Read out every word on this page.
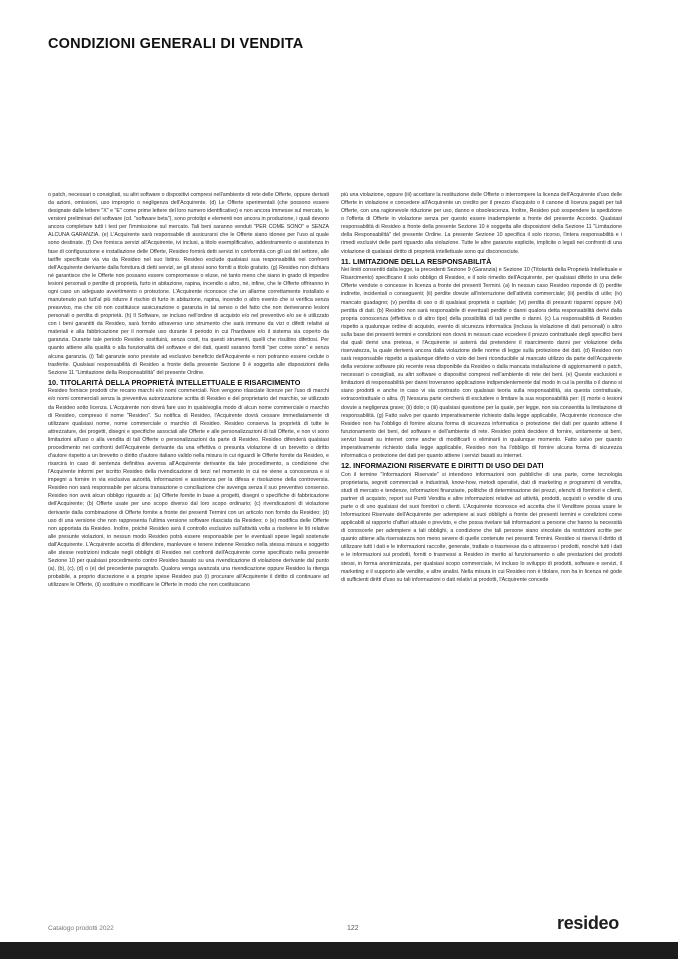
CONDIZIONI GENERALI DI VENDITA

o patch, necessari o consigliati, su altri software o dispositivi compresi nell'ambiente di rete delle Offerte, oppure derivati da azioni, omissioni, uso improprio o negligenza dell'Acquirente. (d) Le Offerte sperimentali (che possono essere designate dalle lettere "X" e "E" come prime lettere del loro numero identificativo) e non ancora immesse sul mercato, le versioni preliminari del software (cd. "software beta"), sono prototipi e elementi non ancora in produzione, i quali devono ancora completare tutti i test per l'immissione sul mercato. Tali beni saranno venduti "PER COME SONO" e SENZA ALCUNA GARANZIA. (e) L'Acquirente sarà responsabile di assicurarsi che le Offerte siano idonee per l'uso al quale sono destinate. (f) Ove fornisca servizi all'Acquirente, ivi inclusi, a titolo esemplificativo, addestramento o assistenza in fase di configurazione e installazione delle Offerte, Resideo fornirà detti servizi in conformità con gli usi del settore, alle tariffe specificate via via da Resideo nel suo listino. Resideo esclude qualsiasi sua responsabilità nei confronti dell'Acquirente derivante dalla fornitura di detti servizi, se gli stessi sono forniti a titolo gratuito. (g) Resideo non dichiara né garantisce che le Offerte non possano essere compromesse o eluse, né tanto meno che siano in grado di impedire lesioni personali o perdite di proprietà, furto in abitazione, rapina, incendio o altro, né, infine, che le Offerte offriranno in ogni caso un adeguato avvertimento o protezione. L'Acquirente riconosce che un allarme correttamente installato e manutenuto può tutt'al più ridurre il rischio di furto in abitazione, rapina, incendio o altro evento che si verifica senza preavviso, ma che ciò non costituisce assicurazione o garanzia in tal senso o del fatto che non deriveranno lesioni personali o perdita di proprietà. (h) Il Software, se incluso nell'ordine di acquisto e/o nel preventivo e/o se è utilizzato con i beni garantiti da Resideo, sarà fornito attraverso uno strumento che sarà immune da vizi o difetti relativi ai materiali e alla fabbricazione per il normale uso durante il periodo in cui l'hardware e/o il sistema sia coperto da garanzia. Durante tale periodo Resideo sostituirà, senza costi, tra questi strumenti, quelli che risultino difettosi. Per quanto attiene alla qualità o alla funzionalità del software e dei dati, questi saranno forniti "per come sono" e senza alcuna garanzia. (i) Tali garanzie sono previste ad esclusivo beneficio dell'Acquirente e non potranno essere cedute o trasferite. Qualsiasi responsabilità di Resideo a fronte della presente Sezione 9 è soggetta alle disposizioni della Sezione 11 "Limitazione della Responsabilità" del presente Ordine.

10. TITOLARITÀ DELLA PROPRIETÀ INTELLETTUALE E RISARCIMENTO

Resideo fornisce prodotti che recano marchi e/o nomi commerciali. Non vengono rilasciate licenze per l'uso di marchi e/o nomi commerciali senza la preventiva autorizzazione scritta di Resideo e del proprietario del marchio, se utilizzato da Resideo sotto licenza. L'Acquirente non dovrà fare uso in qualsivoglia modo di alcun nome commerciale o marchio di Resideo, compreso il nome "Resideo". Su notifica di Resideo, l'Acquirente dovrà cessare immediatamente di utilizzare qualsiasi nome, nome commerciale o marchio di Resideo. Resideo conserva la proprietà di tutte le attrezzature, dei progetti, disegni e specifiche associati alle Offerte e alle personalizzazioni di tali Offerte, e non vi sono limitazioni all'uso o alla vendita di tali Offerte o personalizzazioni da parte di Resideo. Resideo difenderà qualsiasi procedimento nei confronti dell'Acquirente derivante da una effettiva o presunta violazione di un brevetto o diritto d'autore rispetto a un brevetto o diritto d'autore italiano valido nella misura in cui riguardi le Offerte fornite da Resideo, e risarcirà in caso di sentenza definitiva avversa all'Acquirente derivante da tale procedimento, a condizione che l'Acquirente informi per iscritto Resideo della rivendicazione di terzi nel momento in cui ne viene a conoscenza e si impegni a fornire in via esclusiva autorità, informazioni e assistenza per la difesa e risoluzione della controversia. Resideo non sarà responsabile per alcuna transazione o conciliazione che avvenga senza il suo preventivo consenso. Resideo non avrà alcun obbligo riguardo a: (a) Offerte fornite in base a progetti, disegni o specifiche di fabbricazione dell'Acquirente; (b) Offerte usate per uno scopo diverso dal loro scopo ordinario; (c) rivendicazioni di violazione derivante dalla combinazione di Offerte fornite a fronte dei presenti Termini con un articolo non fornito da Resideo; (d) uso di una versione che non rappresenta l'ultima versione software rilasciata da Resideo; o (e) modifica delle Offerte non apportata da Resideo. Inoltre, poiché Resideo avrà il controllo esclusivo sull'attività volta a risolvere le liti relative alle presunte violazioni, in nessun modo Resideo potrà essere responsabile per le eventuali spese legali sostenute dall'Acquirente. L'Acquirente accetta di difendere, manlevare e tenere indenne Resideo nella stessa misura e soggetto alle stesse restrizioni indicate negli obblighi di Resideo nei confronti dell'Acquirente come specificato nella presente Sezione 10 per qualsiasi procedimento contro Resideo basato su una rivendicazione di violazione derivante dal punto (a), (b), (c), (d) o (e) del precedente paragrafo. Qualora venga avanzata una rivendicazione oppure Resideo la ritenga probabile, a proprio discrezione e a proprie spese Resideo può (i) procurare all'Acquirente il diritto di continuare ad utilizzare le Offerte, (ii) sostituire o modificare le Offerte in modo che non costituiscano

più una violazione, oppure (iii) accettare la restituzione delle Offerte o interrompere la licenza dell'Acquirente d'uso delle Offerte in violazione e concedere all'Acquirente un credito per il prezzo d'acquisto o il canone di licenza pagati per tali Offerte, con una ragionevole riduzione per uso, danno e obsolescenza. Inoltre, Resideo può sospendere la spedizione o l'offerta di Offerte in violazione senza per questo essere inadempiente a fronte del presente Accordo. Qualsiasi responsabilità di Resideo a fronte della presente Sezione 10 è soggetta alle disposizioni della Sezione 11 "Limitazione della Responsabilità" del presente Ordine. La presente Sezione 10 specifica il solo ricorso, l'intera responsabilità e i rimedi esclusivi delle parti riguardo alla violazione. Tutte le altre garanzie esplicite, implicite o legali nei confronti di una violazione di qualsiasi diritto di proprietà intellettuale sono qui disconosciute.

11. LIMITAZIONE DELLA RESPONSABILITÀ

Nei limiti consentiti dalla legge, la precedenti Sezione 9 (Garanzia) e Sezione 10 (Titolarità della Proprietà Intellettuale e Risarcimento) specificano il solo obbligo di Resideo, e il solo rimedio dell'Acquirente, per qualsiasi difetto in una delle Offerte vendute o concesse in licenza a fronte dei presenti Termini. (a) In nessun caso Resideo risponde di (i) perdite indirette, incidentali o conseguenti; (ii) perdite dovute all'interruzione dell'attività commerciale; (iii) perdita di utile; (iv) mancato guadagno; (v) perdita di uso o di qualsiasi proprietà o capitale; (vi) perdita di presunti risparmi oppure (vii) perdita di dati. (b) Resideo non sarà responsabile di eventuali perdite o danni qualora detta responsabilità derivi dalla propria conoscenza (effettiva o di altro tipo) della possibilità di tali perdite o danni. (c) La responsabilità di Resideo rispetto a qualunque ordine di acquisto, evento di sicurezza informatica (inclusa la violazione di dati personali) o altro sulla base dei presenti termini e condizioni non dovrà in nessun caso eccedere il prezzo contrattuale degli specifici beni dai quali derivi una pretesa, e l'Acquirente si asterrà dal pretendere il risarcimento danni per violazione della riservatezza, la quale deriverà ancora dalla violazione delle norme di legge sulla protezione dei dati. (d) Resideo non sarà responsabile rispetto a qualunque difetto o vizio dei beni riconducibile al mancato utilizzo da parte dell'Acquirente della versione software più recente resa disponibile da Resideo o dalla mancata installazione di aggiornamenti o patch, necessari o consigliati, su altri software o dispositivi compresi nell'ambiente di rete dei beni. (e) Queste esclusioni e limitazioni di responsabilità per danni troveranno applicazione indipendentemente dal modo in cui la perdita o il danno si siano prodotti e anche in caso vi sia contrasto con qualsiasi teoria sulla responsabilità, sia questa contrattuale, extracontrattuale o altra. (f) Nessuna parte cercherà di escludere o limitare la sua responsabilità per: (i) morte o lesioni dovute a negligenza grave; (ii) dolo; o (iii) qualsiasi questione per la quale, per legge, non sia consentita la limitazione di responsabilità. (g) Fatto salvo per quanto imperativamente richiesto dalla legge applicabile, l'Acquirente riconosce che Resideo non ha l'obbligo di fornire alcuna forma di sicurezza informatica o protezione dei dati per quanto attiene il funzionamento dei beni, del software e dell'ambiente di rete. Resideo potrà decidere di fornire, unitamente ai beni, servizi basati su internet come anche di modificarli o eliminarli in qualunque momento. Fatto salvo per quanto imperativamente richiesto dalla legge applicabile, Resideo non ha l'obbligo di fornire alcuna forma di sicurezza informatica o protezione dei dati per quanto attiene i servizi basati su internet.

12. INFORMAZIONI RISERVATE E DIRITTI DI USO DEI DATI

Con il termine "Informazioni Riservate" si intendono informazioni non pubbliche di una parte, come tecnologia proprietaria, segreti commerciali e industriali, know-how, metodi operativi, dati di marketing e programmi di vendita, studi di mercato e tendenze, informazioni finanziarie, politiche di determinazione dei prezzi, elenchi di fornitori e clienti, partner di acquisto, report sui Punti Vendita e altre informazioni relative ad attività, prodotti, acquisti o vendite di una parte o di uno qualsiasi dei suoi fornitori o clienti. L'Acquirente riconosce ed accetta che il Venditore possa usare le Informazioni Riservate dell'Acquirente per adempiere ai suoi obblighi a fronte dei presenti termini e condizioni come applicabili al rapporto d'affari attuale o previsto, e che possa rivelare tali informazioni a persone che hanno la necessità di conoscerle per adempiere a tali obblighi, a condizione che tali persone siano vincolate da restrizioni scritte per quanto attiene alla riservatezza non meno severe di quelle contenute nei presenti Termini. Resideo si riserva il diritto di utilizzare tutti i dati e le informazioni raccolte, generate, trattate o trasmesse da o attraverso i prodotti, nonché tutti i dati e le informazioni sui prodotti, forniti o trasmessi a Resideo in merito al funzionamento o alle prestazioni dei prodotti stessi, in forma anonimizzata, per qualsiasi scopo commerciale, ivi incluso lo sviluppo di prodotti, software e servizi, il marketing e il supporto alle vendite, e altre analisi. Nella misura in cui Resideo non è titolare, non ha in licenza né gode di sufficienti diritti d'uso su tali informazioni o dati relativi ai prodotti, l'Acquirente concede

Catalogo prodotti 2022	122	resideo
